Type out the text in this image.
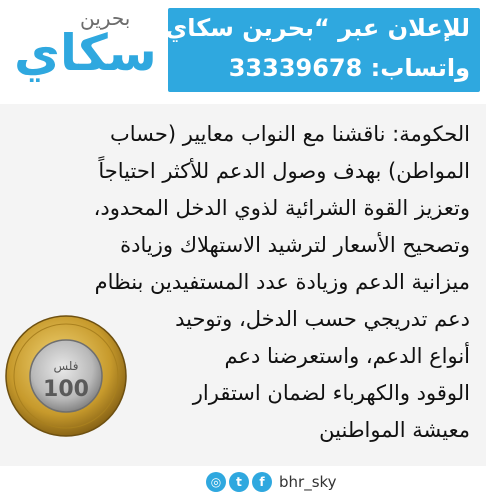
بحرين
سكاي
للإعلان عبر “بحرين سكاي”:
واتساب: 33339678
الحكومة: ناقشنا مع النواب معايير (حساب
المواطن) بهدف وصول الدعم للأكثر احتياجاً
وتعزيز القوة الشرائية لذوي الدخل المحدود،
وتصحيح الأسعار لترشيد الاستهلاك وزيادة
ميزانية الدعم وزيادة عدد المستفيدين بنظام
دعم تدريجي حسب الدخل، وتوحيد
أنواع الدعم، واستعرضنا دعم
الوقود والكهرباء لضمان استقرار
معيشة المواطنين
فلس
100
◎	t	f bhr_sky
